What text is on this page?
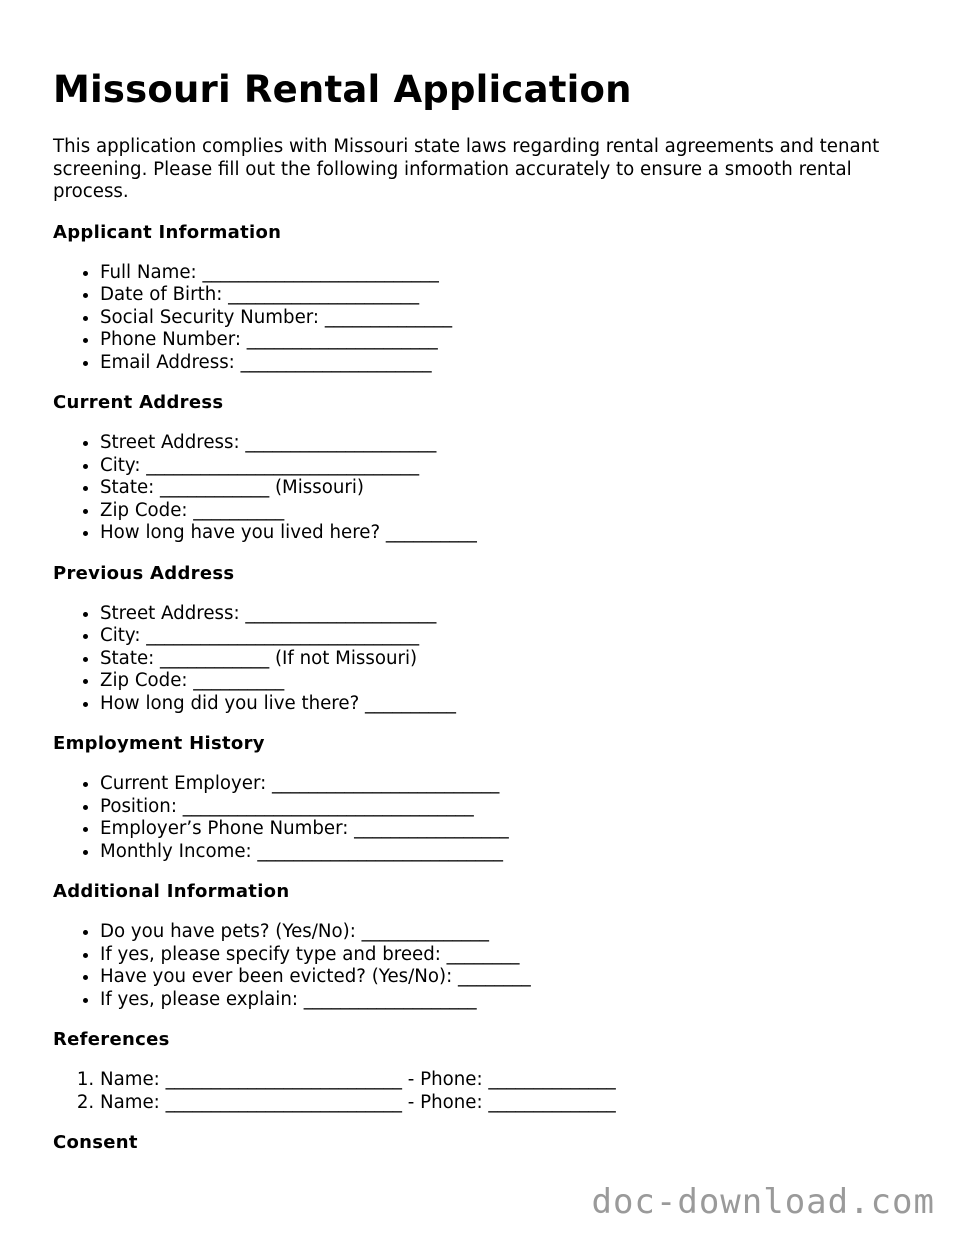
Missouri Rental Application

This application complies with Missouri state laws regarding rental agreements and tenant screening. Please fill out the following information accurately to ensure a smooth rental process.

Applicant Information
• Full Name: __________________________
• Date of Birth: _____________________
• Social Security Number: ______________
• Phone Number: _____________________
• Email Address: _____________________
Current Address
• Street Address: _____________________
• City: ______________________________
• State: ____________ (Missouri)
• Zip Code: __________
• How long have you lived here? __________
Previous Address
• Street Address: _____________________
• City: ______________________________
• State: ____________ (If not Missouri)
• Zip Code: __________
• How long did you live there? __________
Employment History
• Current Employer: _________________________
• Position: ________________________________
• Employer’s Phone Number: _________________
• Monthly Income: ___________________________
Additional Information
• Do you have pets? (Yes/No): ______________
• If yes, please specify type and breed: ________
• Have you ever been evicted? (Yes/No): ________
• If yes, please explain: ___________________
References
1. Name: __________________________ - Phone: ______________
2. Name: __________________________ - Phone: ______________
Consent
doc-download.com
